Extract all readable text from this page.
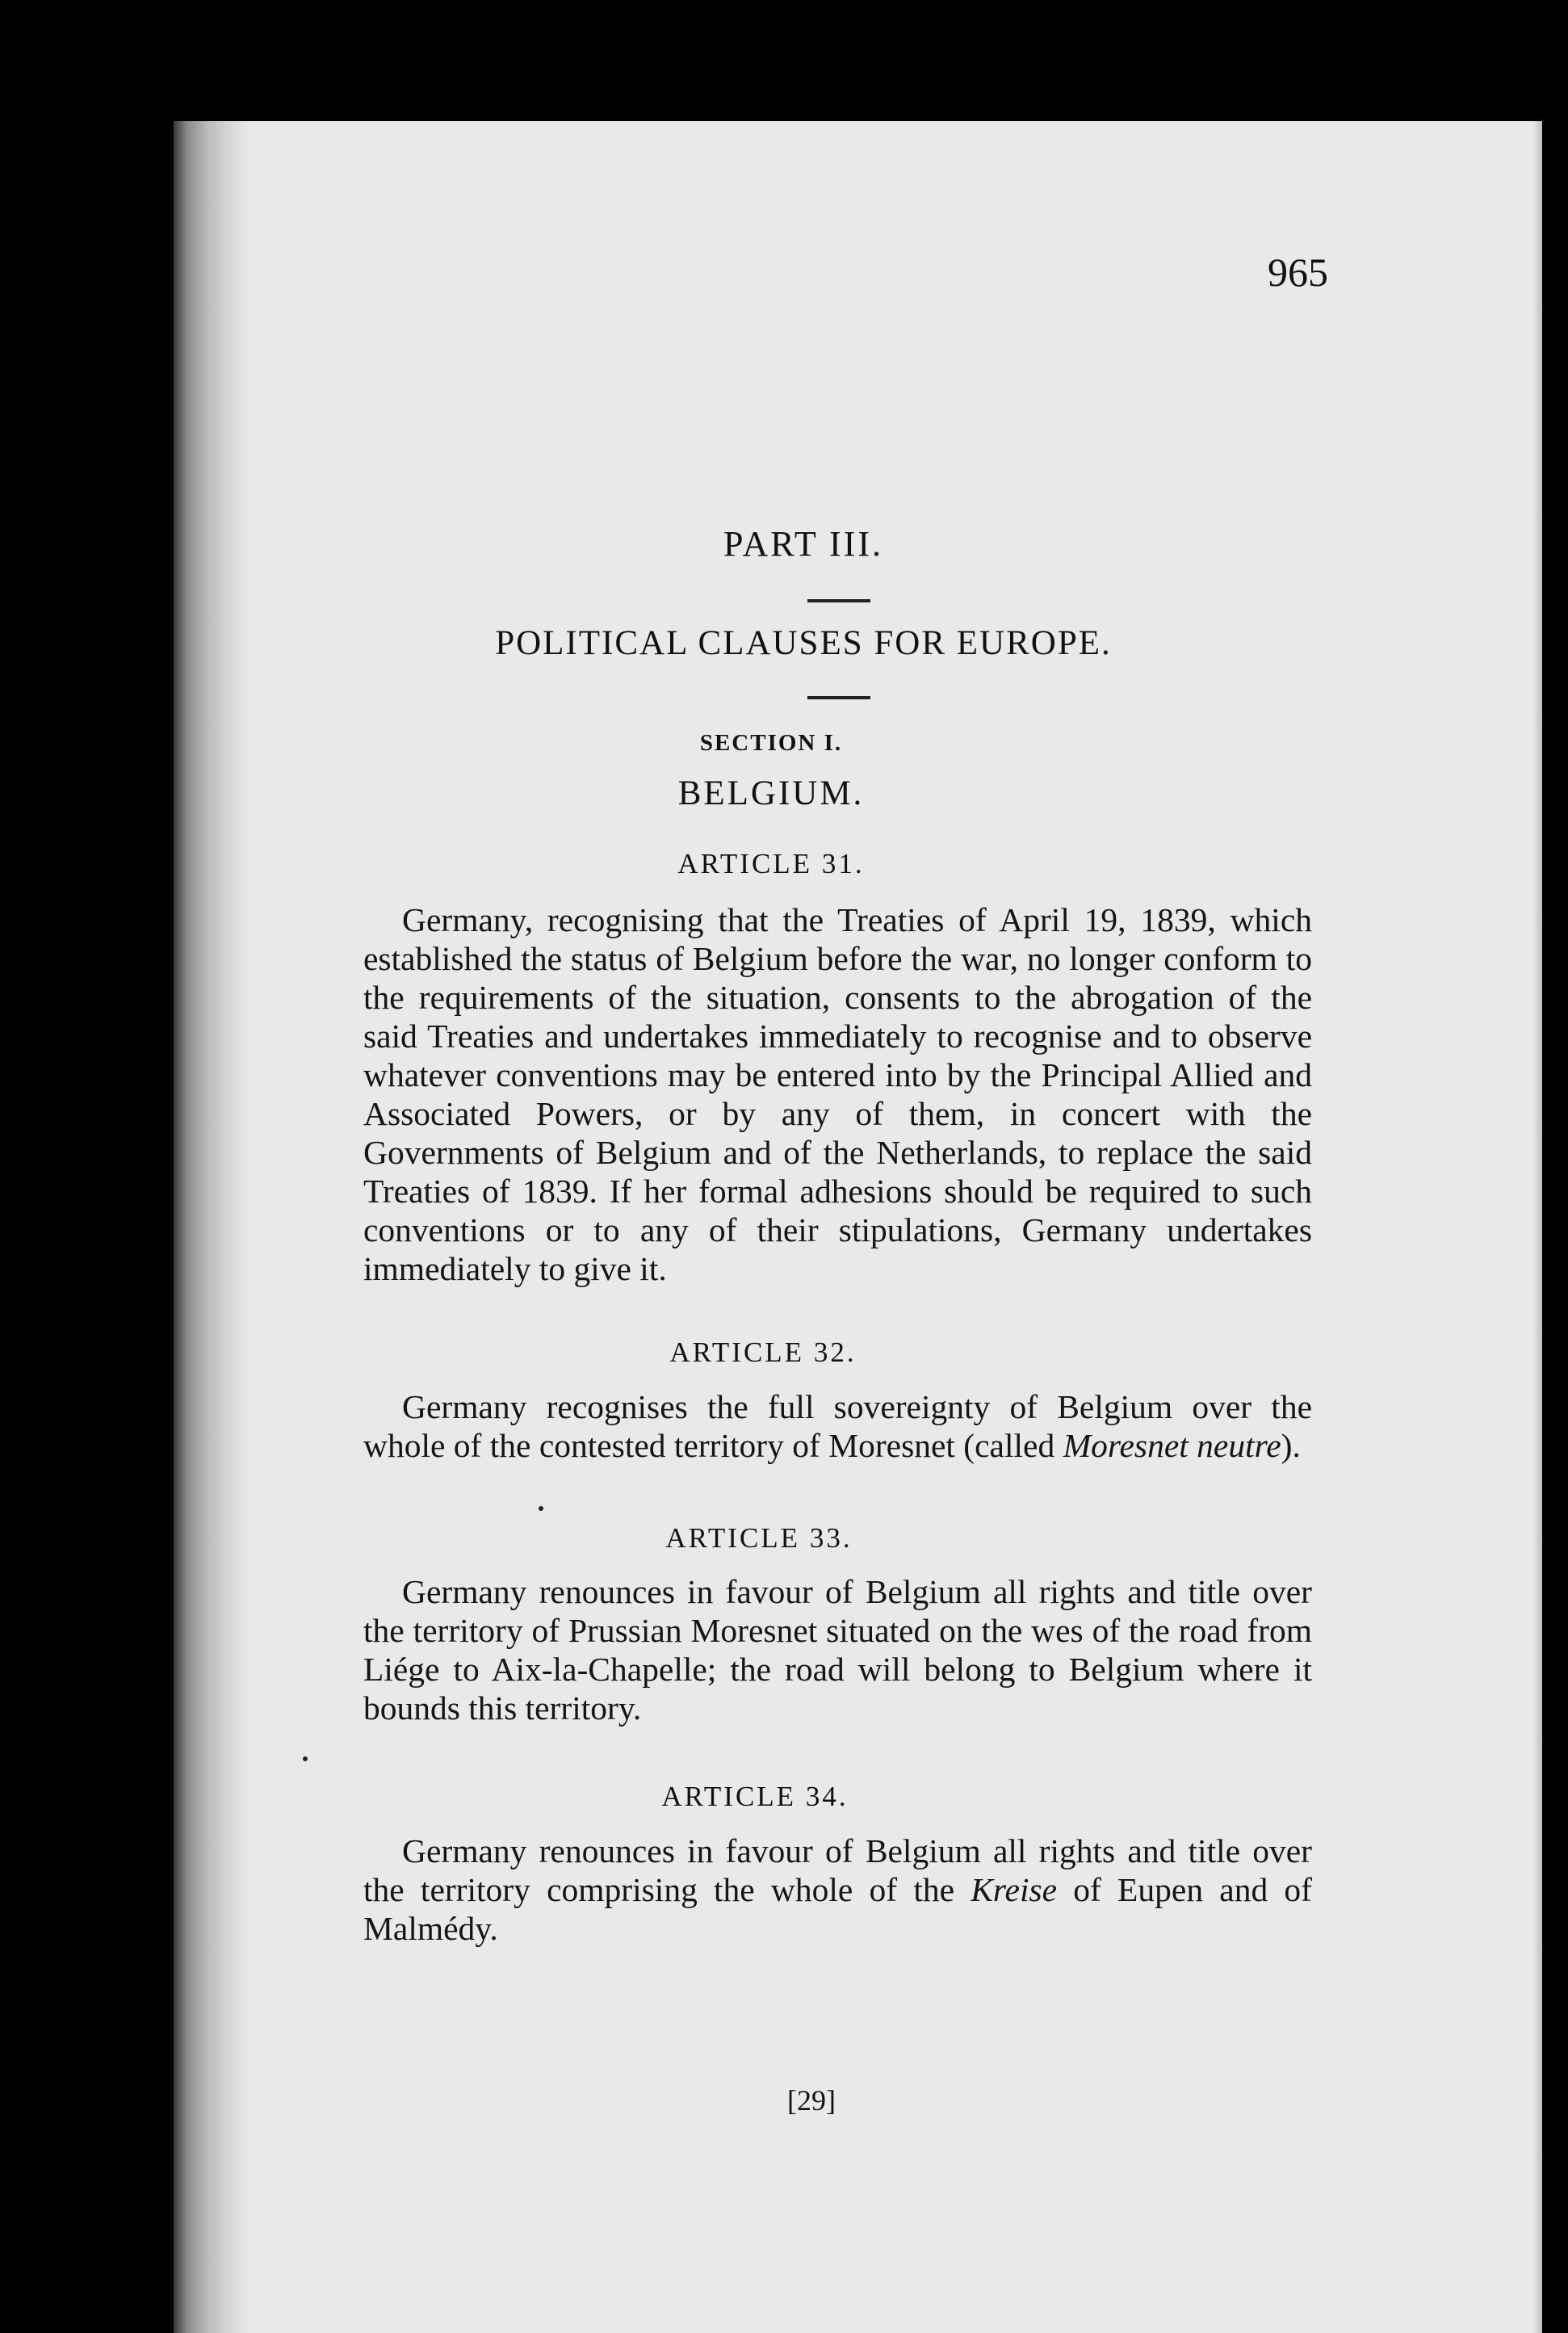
965
PART III.
POLITICAL CLAUSES FOR EUROPE.
SECTION I.
BELGIUM.
ARTICLE 31.
Germany, recognising that the Treaties of April 19, 1839, which established the status of Belgium before the war, no longer conform to the requirements of the situation, consents to the abrogation of the said Treaties and undertakes immediately to recognise and to observe whatever conventions may be entered into by the Principal Allied and Associated Powers, or by any of them, in concert with the Governments of Belgium and of the Netherlands, to replace the said Treaties of 1839. If her formal adhesions should be required to such conventions or to any of their stipulations, Germany undertakes immediately to give it.
ARTICLE 32.
Germany recognises the full sovereignty of Belgium over the whole of the contested territory of Moresnet (called Moresnet neutre).
ARTICLE 33.
Germany renounces in favour of Belgium all rights and title over the territory of Prussian Moresnet situated on the wes of the road from Liége to Aix-la-Chapelle; the road will belong to Belgium where it bounds this territory.
ARTICLE 34.
Germany renounces in favour of Belgium all rights and title over the territory comprising the whole of the Kreise of Eupen and of Malmédy.
[29]
